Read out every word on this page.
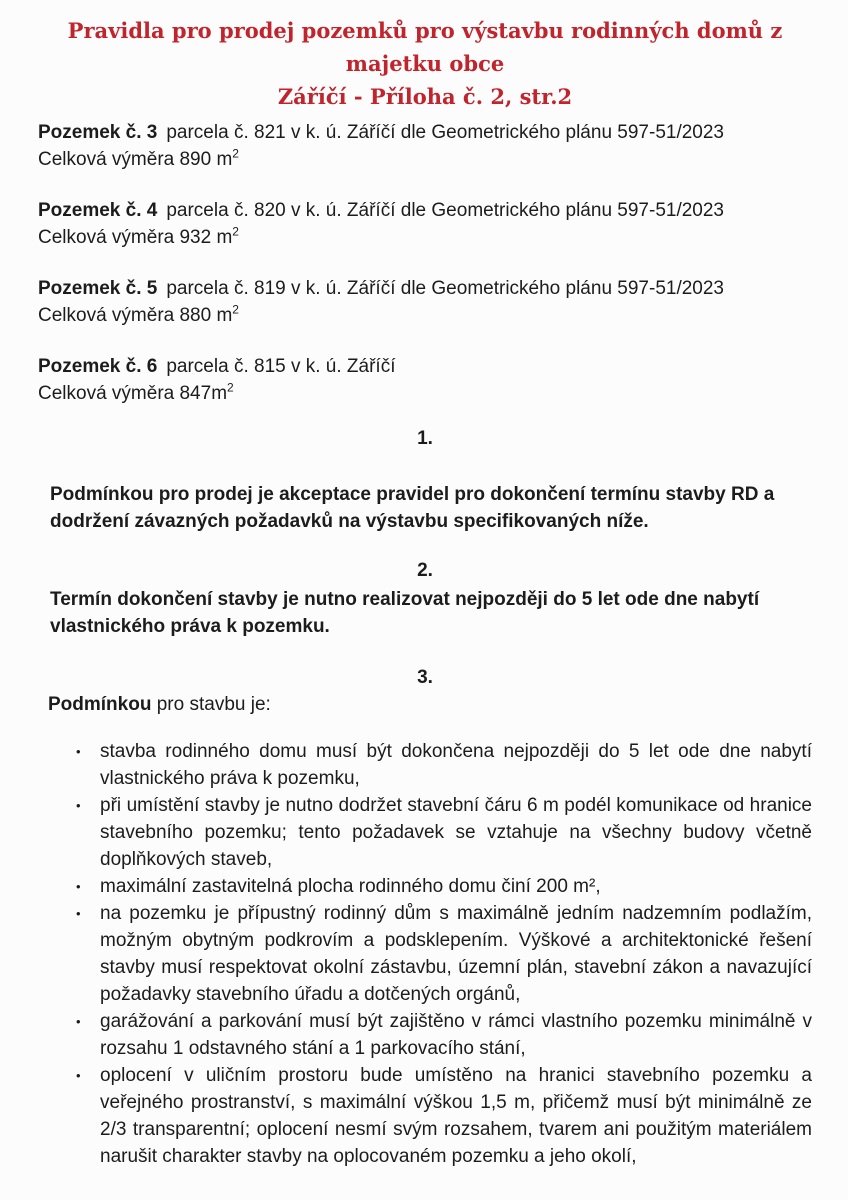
Pravidla pro prodej pozemků pro výstavbu rodinných domů z majetku obce
Záříčí - Příloha č. 2, str.2
Pozemek č. 3 parcela č. 821 v k. ú. Záříčí dle Geometrického plánu 597-51/2023
Celková výměra 890 $m^2$
Pozemek č. 4 parcela č. 820 v k. ú. Záříčí dle Geometrického plánu 597-51/2023
Celková výměra 932 $m^2$
Pozemek č. 5 parcela č. 819 v k. ú. Záříčí dle Geometrického plánu 597-51/2023
Celková výměra 880 $m^2$
Pozemek č. 6 parcela č. 815 v k. ú. Záříčí
Celková výměra $847m^2$
1.

Podmínkou pro prodej je akceptace pravidel pro dokončení termínu stavby RD a dodržení závazných požadavků na výstavbu specifikovaných níže.

2.

Termín dokončení stavby je nutno realizovat nejpozději do 5 let ode dne nabytí vlastnického práva k pozemku.

3.

Podmínkou pro stavbu je:

• stavba rodinného domu musí být dokončena nejpozději do 5 let ode dne nabytí vlastnického práva k pozemku,
• při umístění stavby je nutno dodržet stavební čáru 6 m podél komunikace od hranice stavebního pozemku; tento požadavek se vztahuje na všechny budovy včetně doplňkových staveb,
• maximální zastavitelná plocha rodinného domu činí 200 m²,
• na pozemku je přípustný rodinný dům s maximálně jedním nadzemním podlažím, možným obytným podkrovím a podsklepením. Výškové a architektonické řešení stavby musí respektovat okolní zástavbu, územní plán, stavební zákon a navazující požadavky stavebního úřadu a dotčených orgánů,
• garážování a parkování musí být zajištěno v rámci vlastního pozemku minimálně v rozsahu 1 odstavného stání a 1 parkovacího stání,
• oplocení v uličním prostoru bude umístěno na hranici stavebního pozemku a veřejného prostranství, s maximální výškou 1,5 m, přičemž musí být minimálně ze 2/3 transparentní; oplocení nesmí svým rozsahem, tvarem ani použitým materiálem narušit charakter stavby na oplocovaném pozemku a jeho okolí,
